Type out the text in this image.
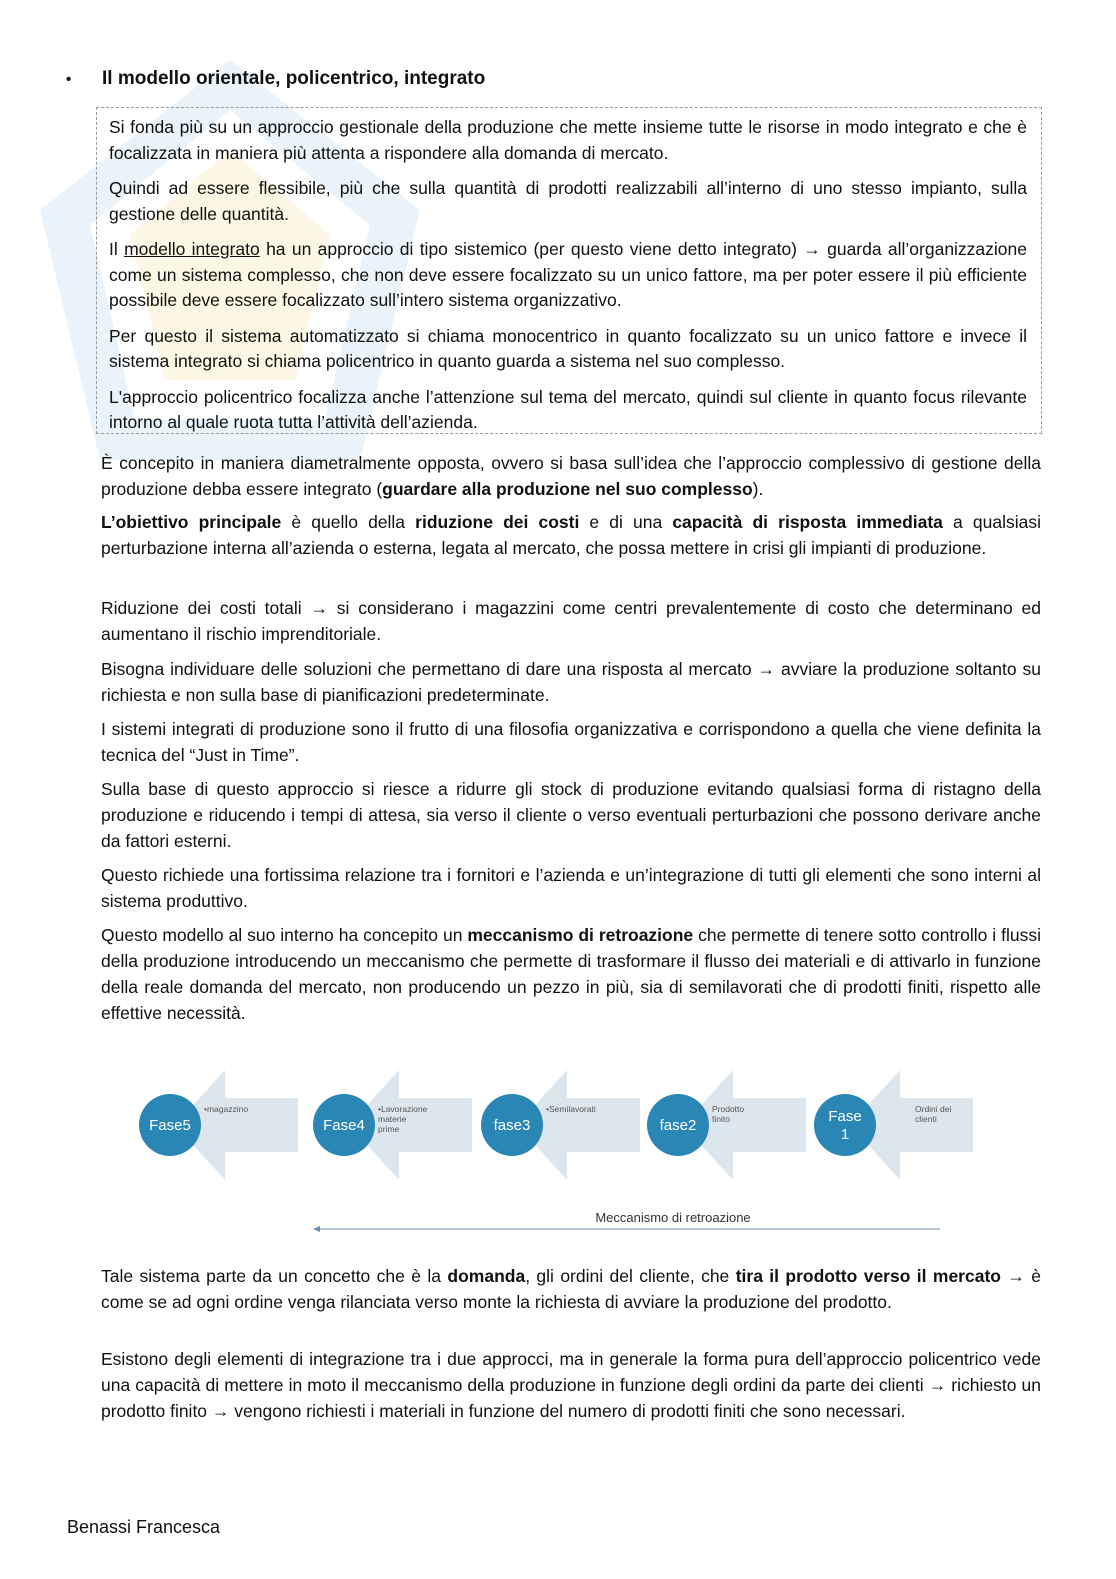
• Il modello orientale, policentrico, integrato

Si fonda più su un approccio gestionale della produzione che mette insieme tutte le risorse in modo integrato e che è focalizzata in maniera più attenta a rispondere alla domanda di mercato.

Quindi ad essere flessibile, più che sulla quantità di prodotti realizzabili all’interno di uno stesso impianto, sulla gestione delle quantità.

Il modello integrato ha un approccio di tipo sistemico (per questo viene detto integrato) → guarda all’organizzazione come un sistema complesso, che non deve essere focalizzato su un unico fattore, ma per poter essere il più efficiente possibile deve essere focalizzato sull’intero sistema organizzativo.

Per questo il sistema automatizzato si chiama monocentrico in quanto focalizzato su un unico fattore e invece il sistema integrato si chiama policentrico in quanto guarda a sistema nel suo complesso.

L'approccio policentrico focalizza anche l’attenzione sul tema del mercato, quindi sul cliente in quanto focus rilevante intorno al quale ruota tutta l’attività dell’azienda.

È concepito in maniera diametralmente opposta, ovvero si basa sull’idea che l’approccio complessivo di gestione della produzione debba essere integrato (guardare alla produzione nel suo complesso).

L’obiettivo principale è quello della riduzione dei costi e di una capacità di risposta immediata a qualsiasi perturbazione interna all’azienda o esterna, legata al mercato, che possa mettere in crisi gli impianti di produzione.

Riduzione dei costi totali → si considerano i magazzini come centri prevalentemente di costo che determinano ed aumentano il rischio imprenditoriale.

Bisogna individuare delle soluzioni che permettano di dare una risposta al mercato → avviare la produzione soltanto su richiesta e non sulla base di pianificazioni predeterminate.

I sistemi integrati di produzione sono il frutto di una filosofia organizzativa e corrispondono a quella che viene definita la tecnica del “Just in Time”.

Sulla base di questo approccio si riesce a ridurre gli stock di produzione evitando qualsiasi forma di ristagno della produzione e riducendo i tempi di attesa, sia verso il cliente o verso eventuali perturbazioni che possono derivare anche da fattori esterni.

Questo richiede una fortissima relazione tra i fornitori e l’azienda e un’integrazione di tutti gli elementi che sono interni al sistema produttivo.

Questo modello al suo interno ha concepito un meccanismo di retroazione che permette di tenere sotto controllo i flussi della produzione introducendo un meccanismo che permette di trasformare il flusso dei materiali e di attivarlo in funzione della reale domanda del mercato, non producendo un pezzo in più, sia di semilavorati che di prodotti finiti, rispetto alle effettive necessità.

Fase5
•magazzino
Fase4
•Lavorazione
materie
prime	fase3
•Semilavorati
fase2
Prodotto
finito	Fase
1
Ordini dei
clienti
Meccanismo di retroazione

Tale sistema parte da un concetto che è la domanda, gli ordini del cliente, che tira il prodotto verso il mercato → è come se ad ogni ordine venga rilanciata verso monte la richiesta di avviare la produzione del prodotto.

Esistono degli elementi di integrazione tra i due approcci, ma in generale la forma pura dell’approccio policentrico vede una capacità di mettere in moto il meccanismo della produzione in funzione degli ordini da parte dei clienti → richiesto un prodotto finito → vengono richiesti i materiali in funzione del numero di prodotti finiti che sono necessari.

Benassi Francesca
